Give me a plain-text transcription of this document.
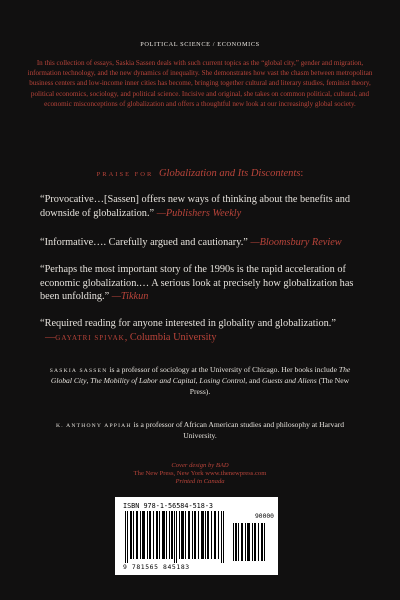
POLITICAL SCIENCE / ECONOMICS
In this collection of essays, Saskia Sassen deals with such current topics as the “global city,” gender and migration, information technology, and the new dynamics of inequality. She demonstrates how vast the chasm between metropolitan business centers and low-income inner cities has become, bringing together cultural and literary studies, feminist theory, political economics, sociology, and political science. Incisive and original, she takes on common political, cultural, and economic misconceptions of globalization and offers a thoughtful new look at our increasingly global society.
PRAISE FOR Globalization and Its Discontents:
“Provocative…[Sassen] offers new ways of thinking about the benefits and downside of globalization.” —Publishers Weekly
“Informative…. Carefully argued and cautionary.” —Bloomsbury Review
“Perhaps the most important story of the 1990s is the rapid acceleration of economic globalization.… A serious look at precisely how globalization has been unfolding.” —Tikkun
“Required reading for anyone interested in globality and globalization.”
—GAYATRI SPIVAK, Columbia University
SASKIA SASSEN is a professor of sociology at the University of Chicago. Her books include The Global City, The Mobility of Labor and Capital, Losing Control, and Guests and Aliens (The New Press).
K. ANTHONY APPIAH is a professor of African American studies and philosophy at Harvard University.
Cover design by BAD
The New Press, New York www.thenewpress.com
Printed in Canada
ISBN 978-1-56584-518-3
90000
9 781565 845183
